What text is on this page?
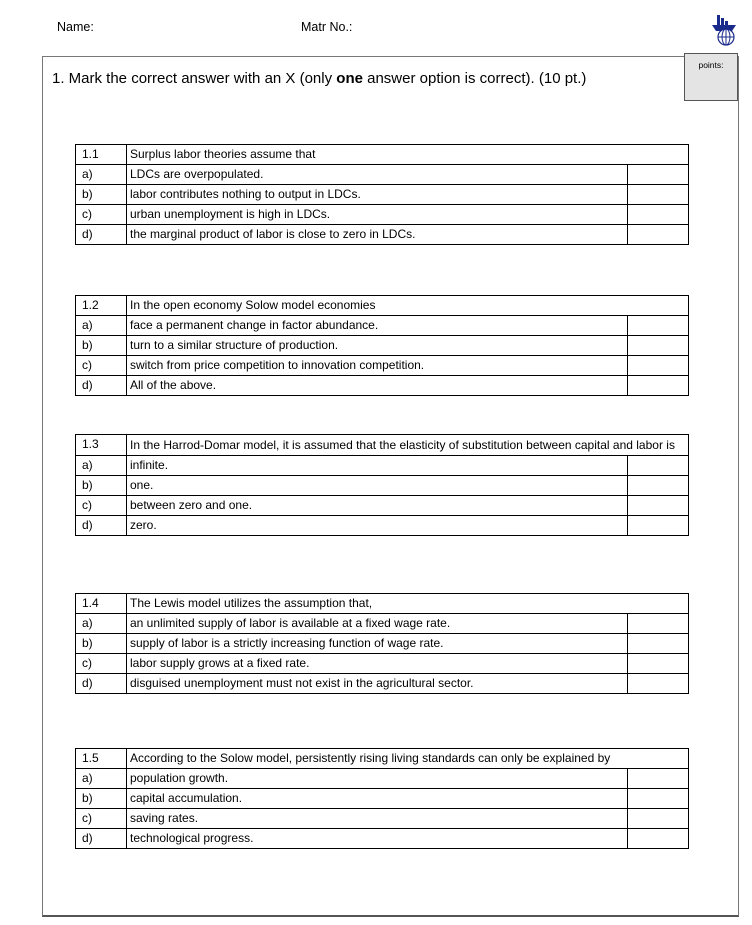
Name:	Matr No.:
points:
1. Mark the correct answer with an X (only one answer option is correct). (10 pt.)
1.1	Surplus labor theories assume that	
a)	LDCs are overpopulated.	
b)	labor contributes nothing to output in LDCs.	
c)	urban unemployment is high in LDCs.	
d)	the marginal product of labor is close to zero in LDCs.	
1.2	In the open economy Solow model economies	
a)	face a permanent change in factor abundance.	
b)	turn to a similar structure of production.	
c)	switch from price competition to innovation competition.	
d)	All of the above.	
1.3	In the Harrod-Domar model, it is assumed that the elasticity of substitution between capital and labor is	
a)	infinite.	
b)	one.	
c)	between zero and one.	
d)	zero.	
1.4	The Lewis model utilizes the assumption that,	
a)	an unlimited supply of labor is available at a fixed wage rate.	
b)	supply of labor is a strictly increasing function of wage rate.	
c)	labor supply grows at a fixed rate.	
d)	disguised unemployment must not exist in the agricultural sector.	
1.5	According to the Solow model, persistently rising living standards can only be explained by	
a)	population growth.	
b)	capital accumulation.	
c)	saving rates.	
d)	technological progress.	
